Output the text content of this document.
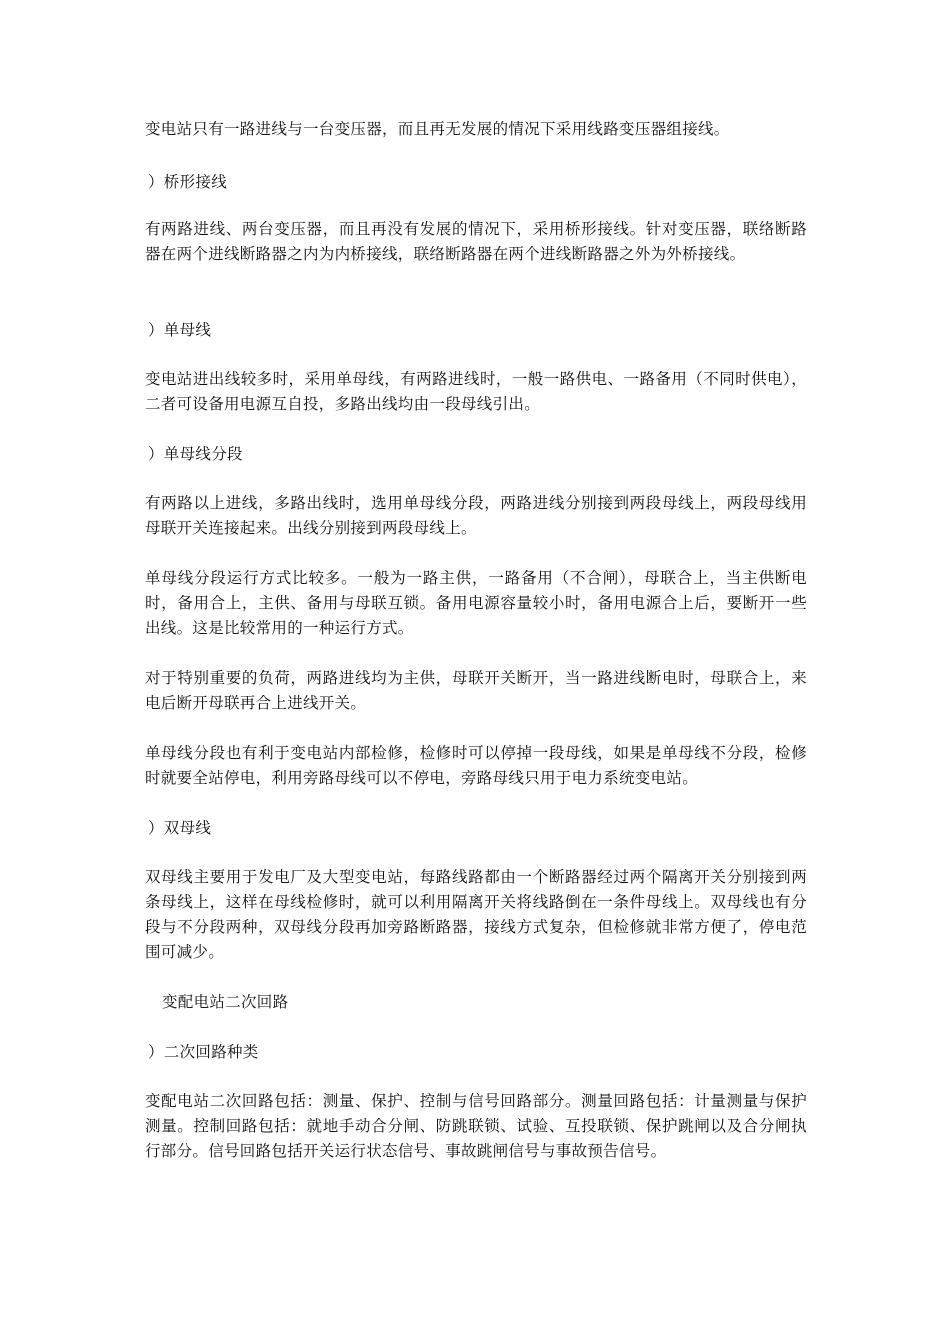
变电站只有一路进线与一台变压器，而且再无发展的情况下采用线路变压器组接线。

）桥形接线

有两路进线、两台变压器，而且再没有发展的情况下，采用桥形接线。针对变压器，联络断路器在两个进线断路器之内为内桥接线，联络断路器在两个进线断路器之外为外桥接线。

）单母线

变电站进出线较多时，采用单母线，有两路进线时，一般一路供电、一路备用（不同时供电），二者可设备用电源互自投，多路出线均由一段母线引出。

）单母线分段

有两路以上进线，多路出线时，选用单母线分段，两路进线分别接到两段母线上，两段母线用母联开关连接起来。出线分别接到两段母线上。

单母线分段运行方式比较多。一般为一路主供，一路备用（不合闸），母联合上，当主供断电时，备用合上，主供、备用与母联互锁。备用电源容量较小时，备用电源合上后，要断开一些出线。这是比较常用的一种运行方式。

对于特别重要的负荷，两路进线均为主供，母联开关断开，当一路进线断电时，母联合上，来电后断开母联再合上进线开关。

单母线分段也有利于变电站内部检修，检修时可以停掉一段母线，如果是单母线不分段，检修时就要全站停电，利用旁路母线可以不停电，旁路母线只用于电力系统变电站。

）双母线

双母线主要用于发电厂及大型变电站，每路线路都由一个断路器经过两个隔离开关分别接到两条母线上，这样在母线检修时，就可以利用隔离开关将线路倒在一条件母线上。双母线也有分段与不分段两种，双母线分段再加旁路断路器，接线方式复杂，但检修就非常方便了，停电范围可减少。

变配电站二次回路

）二次回路种类

变配电站二次回路包括：测量、保护、控制与信号回路部分。测量回路包括：计量测量与保护测量。控制回路包括：就地手动合分闸、防跳联锁、试验、互投联锁、保护跳闸以及合分闸执行部分。信号回路包括开关运行状态信号、事故跳闸信号与事故预告信号。
